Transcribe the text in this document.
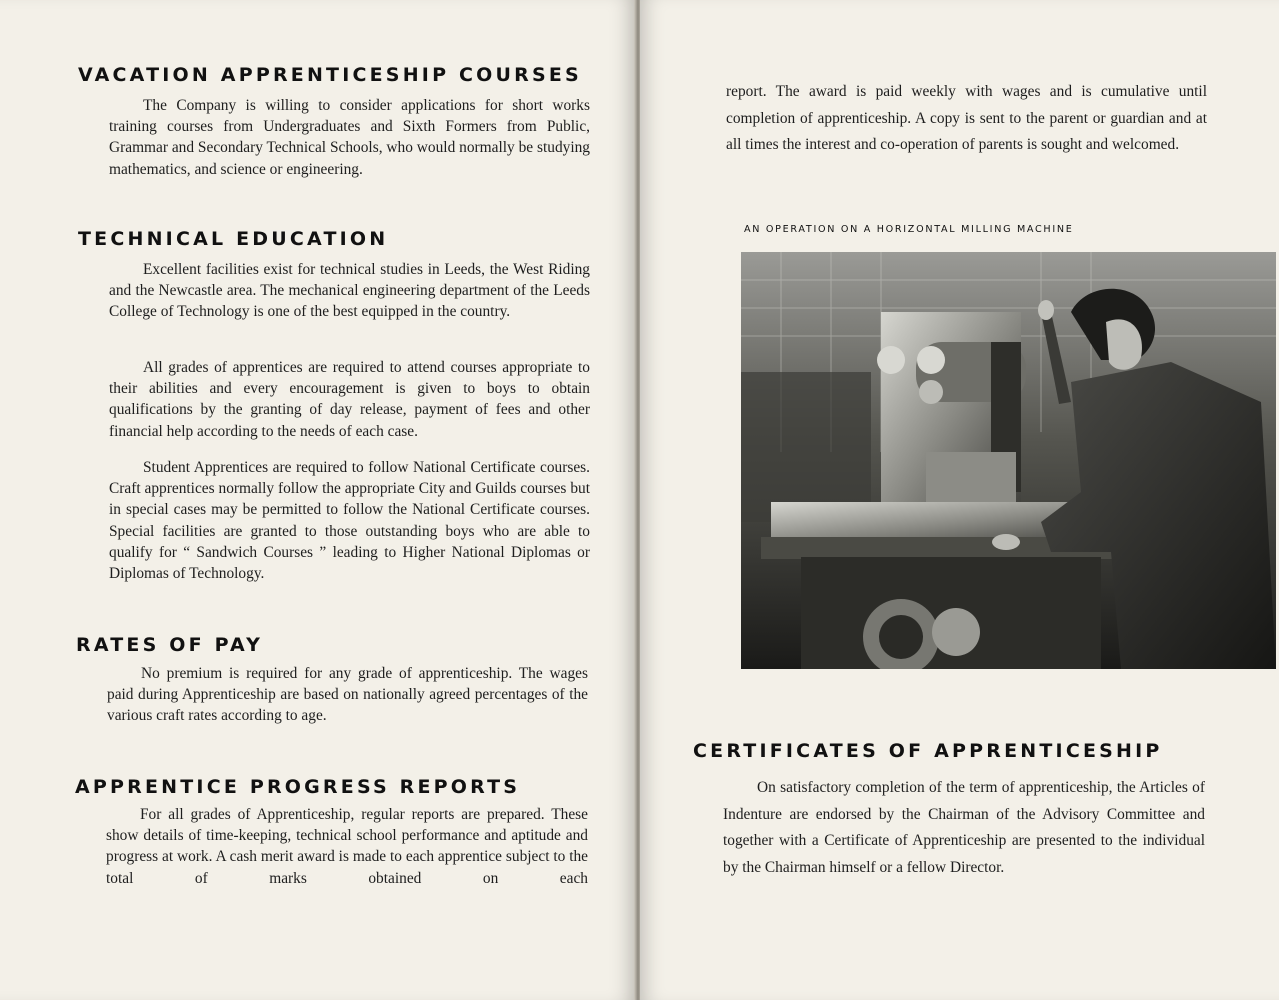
VACATION APPRENTICESHIP COURSES

The Company is willing to consider applications for short works training courses from Undergraduates and Sixth Formers from Public, Grammar and Secondary Technical Schools, who would normally be studying mathematics, and science or engineering.

TECHNICAL EDUCATION

Excellent facilities exist for technical studies in Leeds, the West Riding and the Newcastle area. The mechanical engineering department of the Leeds College of Technology is one of the best equipped in the country.

All grades of apprentices are required to attend courses appropriate to their abilities and every encouragement is given to boys to obtain qualifications by the granting of day release, payment of fees and other financial help according to the needs of each case.

Student Apprentices are required to follow National Certificate courses. Craft apprentices normally follow the appropriate City and Guilds courses but in special cases may be permitted to follow the National Certificate courses. Special facilities are granted to those outstanding boys who are able to qualify for “ Sandwich Courses ” leading to Higher National Diplomas or Diplomas of Technology.

RATES OF PAY

No premium is required for any grade of apprenticeship. The wages paid during Apprenticeship are based on nationally agreed percentages of the various craft rates according to age.

APPRENTICE PROGRESS REPORTS

For all grades of Apprenticeship, regular reports are prepared. These show details of time-keeping, technical school performance and aptitude and progress at work. A cash merit award is made to each apprentice subject to the total of marks obtained on each

report. The award is paid weekly with wages and is cumulative until completion of apprenticeship. A copy is sent to the parent or guardian and at all times the interest and co-operation of parents is sought and welcomed.

AN OPERATION ON A HORIZONTAL MILLING MACHINE

CERTIFICATES OF APPRENTICESHIP

On satisfactory completion of the term of apprenticeship, the Articles of Indenture are endorsed by the Chairman of the Advisory Committee and together with a Certificate of Apprenticeship are presented to the individual by the Chairman himself or a fellow Director.
